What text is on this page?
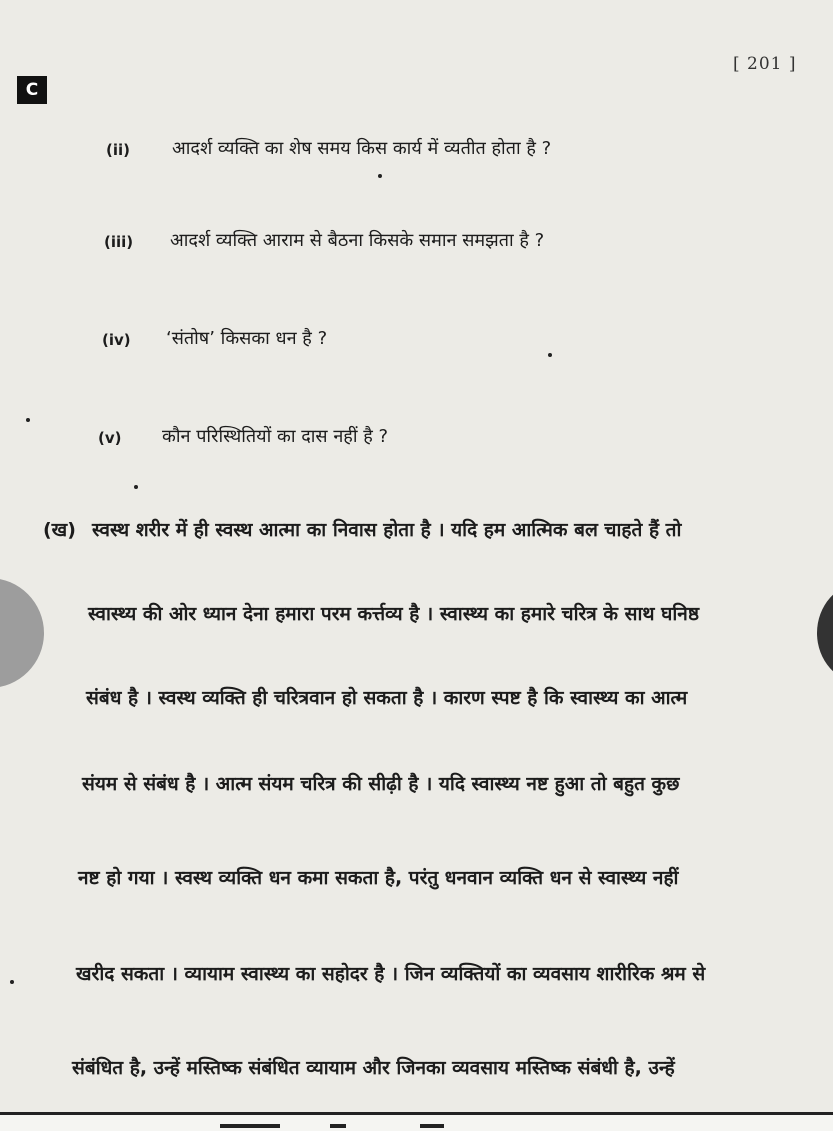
[ 201 ]
C
(ii) आदर्श व्यक्ति का शेष समय किस कार्य में व्यतीत होता है ?
(iii) आदर्श व्यक्ति आराम से बैठना किसके समान समझता है ?
(iv) ‘संतोष’ किसका धन है ?
(v) कौन परिस्थितियों का दास नहीं है ?
(ख) स्वस्थ शरीर में ही स्वस्थ आत्मा का निवास होता है । यदि हम आत्मिक बल चाहते हैं तो
स्वास्थ्य की ओर ध्यान देना हमारा परम कर्त्तव्य है । स्वास्थ्य का हमारे चरित्र के साथ घनिष्ठ
संबंध है । स्वस्थ व्यक्ति ही चरित्रवान हो सकता है । कारण स्पष्ट है कि स्वास्थ्य का आत्म
संयम से संबंध है । आत्म संयम चरित्र की सीढ़ी है । यदि स्वास्थ्य नष्ट हुआ तो बहुत कुछ
नष्ट हो गया । स्वस्थ व्यक्ति धन कमा सकता है, परंतु धनवान व्यक्ति धन से स्वास्थ्य नहीं
खरीद सकता । व्यायाम स्वास्थ्य का सहोदर है । जिन व्यक्तियों का व्यवसाय शारीरिक श्रम से
संबंधित है, उन्हें मस्तिष्क संबंधित व्यायाम और जिनका व्यवसाय मस्तिष्क संबंधी है, उन्हें
